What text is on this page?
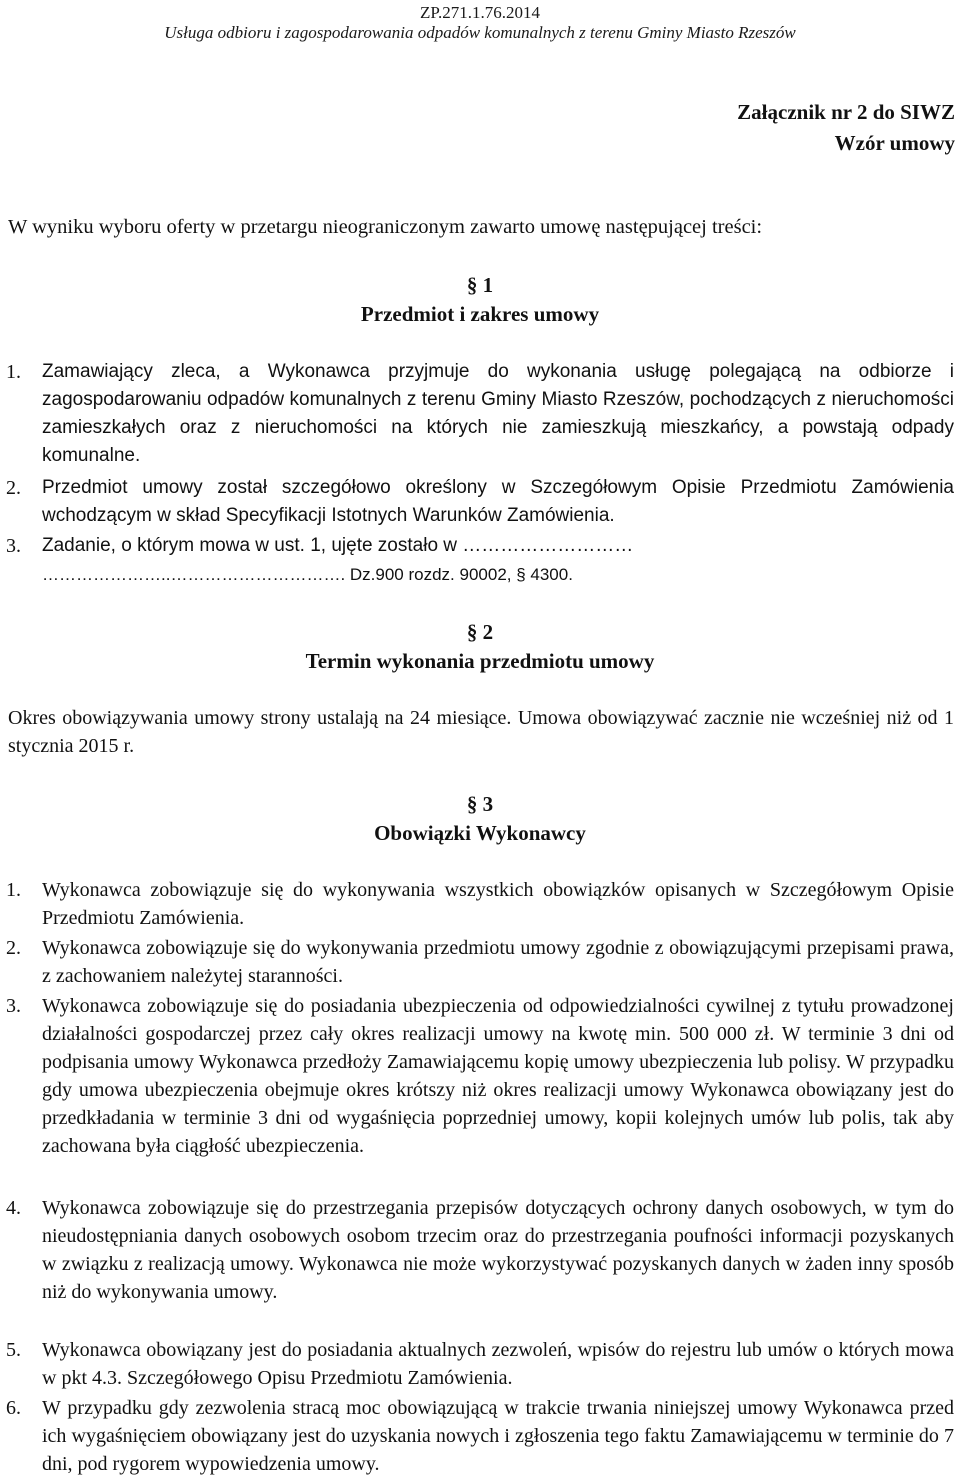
ZP.271.1.76.2014
Usługa odbioru i zagospodarowania odpadów komunalnych z terenu Gminy Miasto Rzeszów
Załącznik nr 2 do SIWZ
Wzór umowy
W wyniku wyboru oferty w przetargu nieograniczonym zawarto umowę następującej treści:
§ 1
Przedmiot i zakres umowy
1. Zamawiający zleca, a Wykonawca przyjmuje do wykonania usługę polegającą na odbiorze i zagospodarowaniu odpadów komunalnych z terenu Gminy Miasto Rzeszów, pochodzących z nieruchomości zamieszkałych oraz z nieruchomości na których nie zamieszkują mieszkańcy, a powstają odpady komunalne.
2. Przedmiot umowy został szczegółowo określony w Szczegółowym Opisie Przedmiotu Zamówienia wchodzącym w skład Specyfikacji Istotnych Warunków Zamówienia.
3. Zadanie, o którym mowa w ust. 1, ujęte zostało w ………………………
…………………..…………………………. Dz.900 rozdz. 90002, § 4300.
§ 2
Termin wykonania przedmiotu umowy
Okres obowiązywania umowy strony ustalają na 24 miesiące. Umowa obowiązywać zacznie nie wcześniej niż od 1 stycznia 2015 r.
§ 3
Obowiązki Wykonawcy
1. Wykonawca zobowiązuje się do wykonywania wszystkich obowiązków opisanych w Szczegółowym Opisie Przedmiotu Zamówienia.
2. Wykonawca zobowiązuje się do wykonywania przedmiotu umowy zgodnie z obowiązującymi przepisami prawa, z zachowaniem należytej staranności.
3. Wykonawca zobowiązuje się do posiadania ubezpieczenia od odpowiedzialności cywilnej z tytułu prowadzonej działalności gospodarczej przez cały okres realizacji umowy na kwotę min. 500 000 zł. W terminie 3 dni od podpisania umowy Wykonawca przedłoży Zamawiającemu kopię umowy ubezpieczenia lub polisy. W przypadku gdy umowa ubezpieczenia obejmuje okres krótszy niż okres realizacji umowy Wykonawca obowiązany jest do przedkładania w terminie 3 dni od wygaśnięcia poprzedniej umowy, kopii kolejnych umów lub polis, tak aby zachowana była ciągłość ubezpieczenia.
4. Wykonawca zobowiązuje się do przestrzegania przepisów dotyczących ochrony danych osobowych, w tym do nieudostępniania danych osobowych osobom trzecim oraz do przestrzegania poufności informacji pozyskanych w związku z realizacją umowy. Wykonawca nie może wykorzystywać pozyskanych danych w żaden inny sposób niż do wykonywania umowy.
5. Wykonawca obowiązany jest do posiadania aktualnych zezwoleń, wpisów do rejestru lub umów o których mowa w pkt 4.3. Szczegółowego Opisu Przedmiotu Zamówienia.
6. W przypadku gdy zezwolenia stracą moc obowiązującą w trakcie trwania niniejszej umowy Wykonawca przed ich wygaśnięciem obowiązany jest do uzyskania nowych i zgłoszenia tego faktu Zamawiającemu w terminie do 7 dni, pod rygorem wypowiedzenia umowy.
